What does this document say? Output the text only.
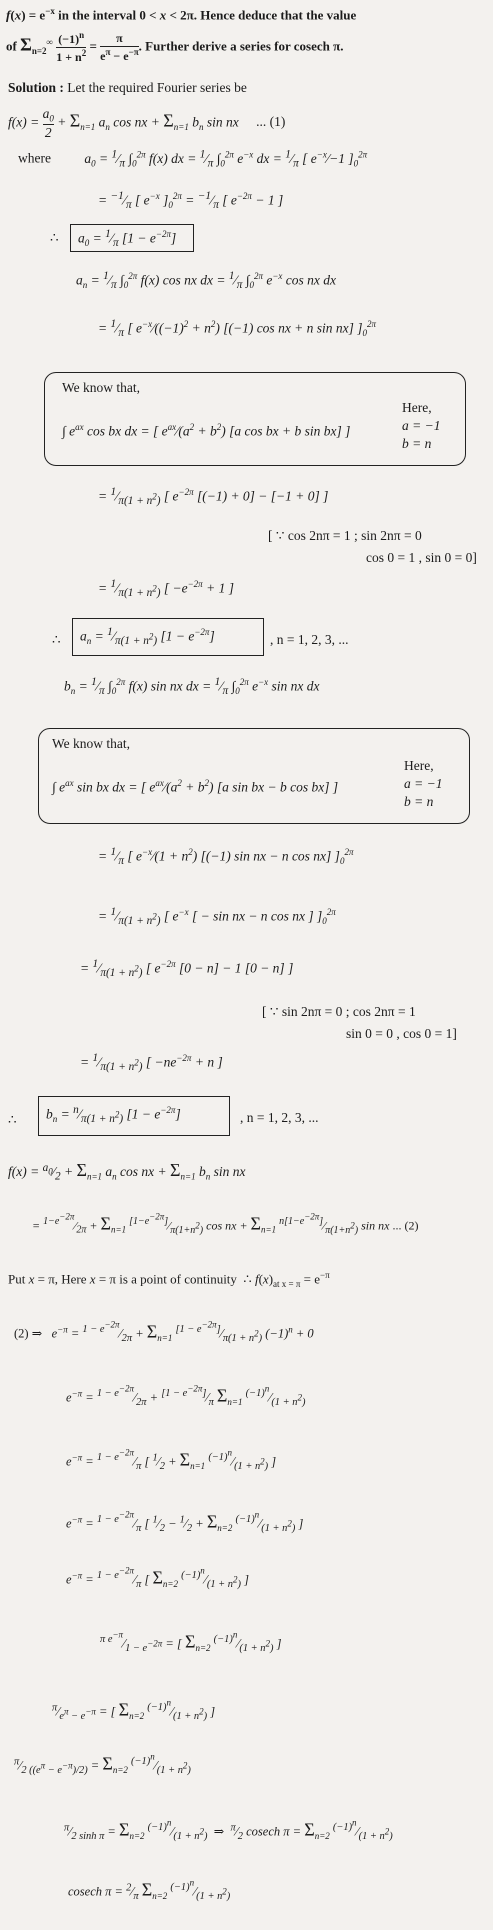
$f(x) = e^{-x}$ in the interval 0 < x < 2π. Hence deduce that the value
of $\Sigma_{n=2}^\infty \frac{(-1)^n}{1 + n^2} = \frac{\pi}{e^\pi - e^{-\pi}}$ . Further derive a series for cosech π.
Solution : Let the required Fourier series be
$f(x) = \frac{a_0}{2} + \Sigma_{n=1}$ $a_n$ cos nx + $\Sigma_{n=1}$ $b_n$ sin nx ... (1)
where $a_0$ = $^1⁄_\pi$ $\int_0^{2\pi}$ f(x) dx = $^1⁄_\pi$ $\int_0^{2\pi}$ $e^{-x}$ dx = $^1⁄_\pi$ [ $e^{-x}⁄-1$ ]$_0^{2\pi}$
= $^{-1}⁄_\pi$ [ $e^{-x}$ ]$_0^{2\pi}$ = $^{-1}⁄_\pi$ [ $e^{-2\pi} - 1$ ]
∴ $a_0$ = $^1⁄_\pi$ $[1 - e^{-2\pi}]$
$a_n$ = $^1⁄_\pi$ $\int_0^{2\pi}$ f(x) cos nx dx = $^1⁄_\pi$ $\int_0^{2\pi}$ $e^{-x}$ cos nx dx
= $^1⁄_\pi$ [ $e^{-x}⁄((-1)^2 + n^2)$ [(−1) cos nx + n sin nx] ]$_0^{2\pi}$
We know that,
∫ $e^{ax}$ cos bx dx = [ $e^{ax}⁄(a^2 + b^2)$ [a cos bx + b sin bx] ]
Here,
a = −1
b = n
= $^1⁄_{\pi(1 + n^2)}$ [ $e^{-2\pi}$ [(−1) + 0] − [−1 + 0] ]
[ ∵ cos 2nπ = 1 ; sin 2nπ = 0
cos 0 = 1 , sin 0 = 0]
= $^1⁄_{\pi(1 + n^2)}$ [ $-e^{-2\pi} + 1$ ]
∴ $a_n$ = $^1⁄_{\pi(1 + n^2)}$ $[1 - e^{-2\pi}]$	, n = 1, 2, 3, ...
$b_n$ = $^1⁄_\pi$ $\int_0^{2\pi}$ f(x) sin nx dx = $^1⁄_\pi$ $\int_0^{2\pi}$ $e^{-x}$ sin nx dx
We know that,
∫ $e^{ax}$ sin bx dx = [ $e^{ax}⁄(a^2 + b^2)$ [a sin bx − b cos bx] ]
Here,
a = −1
b = n
= $^1⁄_\pi$ [ $e^{-x}⁄(1 + n^2)$ [(−1) sin nx − n cos nx] ]$_0^{2\pi}$
= $^1⁄_{\pi(1 + n^2)}$ [ $e^{-x}$ [ − sin nx − n cos nx ] ]$_0^{2\pi}$
= $^1⁄_{\pi(1 + n^2)}$ [ $e^{-2\pi}$ [0 − n] − 1 [0 − n] ]
[ ∵ sin 2nπ = 0 ; cos 2nπ = 1
sin 0 = 0 , cos 0 = 1]
= $^1⁄_{\pi(1 + n^2)}$ [ $-ne^{-2\pi} + n$ ]
∴ $b_n$ = $^n⁄_{\pi(1 + n^2)}$ $[1 - e^{-2\pi}]$	, n = 1, 2, 3, ...
$f(x) = ^{a_0}⁄_2 + \Sigma_{n=1}$ $a_n$ cos nx + $\Sigma_{n=1}$ $b_n$ sin nx
= $^{1-e^{-2\pi}}⁄_{2\pi} + \Sigma_{n=1}$ $[1-e-2\pi]⁄_{\pi(1+n^2)}$ cos nx + $\Sigma_{n=1}$ $^{n[1-e^{-2\pi}]}⁄_{\pi(1+n^2)}$ sin nx ... (2)
Put x = π, Here x = π is a point of continuity  ∴ $f(x)_{at x = \pi} = e^{-\pi}$
(2) ⇒   $e^{-\pi}$ = $^{1 - e^{-2\pi}}⁄_{2\pi} + \Sigma_{n=1}$ $[1 - e-2\pi]⁄_{\pi(1 + n^2)}$ $(-1)^n + 0$
$e^{-\pi}$ = $^{1 - e^{-2\pi}}⁄_{2\pi}$ + $[1 - e-2\pi]⁄_\pi$ $\Sigma_{n=1}$ $^{(-1)^n}⁄_{(1 + n^2)}$
$e^{-\pi}$ = $^{1 - e^{-2\pi}}⁄_\pi$ [ $^1⁄_2 + \Sigma_{n=1}$ $^{(-1)^n}⁄_{(1 + n^2)}$ ]
$e^{-\pi}$ = $^{1 - e^{-2\pi}}⁄_\pi$ [ $^1⁄_2$ − $^1⁄_2 + \Sigma_{n=2}$ $^{(-1)^n}⁄_{(1 + n^2)}$ ]
$e^{-\pi}$ = $^{1 - e^{-2\pi}}⁄_\pi$ [ $\Sigma_{n=2}$ $^{(-1)^n}⁄_{(1 + n^2)}$ ]
$^{\pi e^{-\pi}}⁄_{1 - e^{-2\pi}}$ = [ $\Sigma_{n=2}$ $^{(-1)^n}⁄_{(1 + n^2)}$ ]
$^\pi⁄_{e^\pi - e^{-\pi}}$ = [ $\Sigma_{n=2}$ $^{(-1)^n}⁄_{(1 + n^2)}$ ]
$^\pi⁄_{2 ((e^\pi - e^{-\pi})/2)} = \Sigma_{n=2}$ $^{(-1)^n}⁄_{(1 + n^2)}$
$^\pi⁄_{2 sinh \pi} = \Sigma_{n=2}$ $^{(-1)^n}⁄_{(1 + n^2)}$  ⇒  $^\pi⁄_2$ cosech $\pi = \Sigma_{n=2}$ $^{(-1)^n}⁄_{(1 + n^2)}$
cosech $\pi = ^2⁄_\pi$ $\Sigma_{n=2}$ $^{(-1)^n}⁄_{(1 + n^2)}$
